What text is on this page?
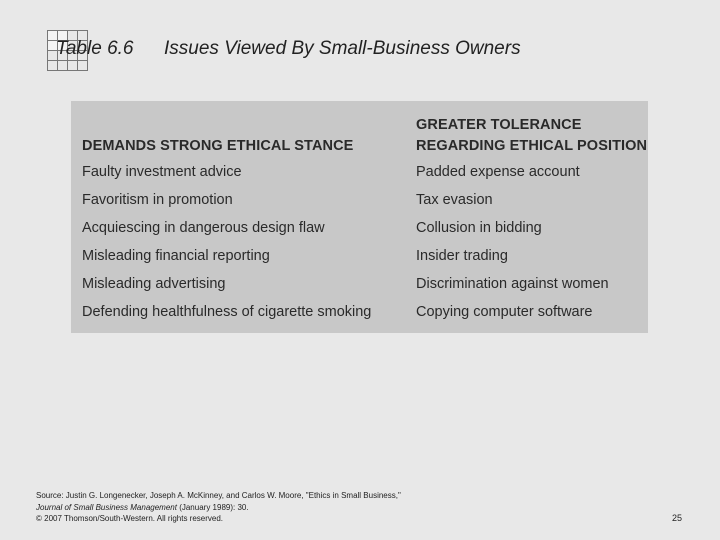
Table 6.6 Issues Viewed By Small-Business Owners
DEMANDS STRONG ETHICAL STANCE
Faulty investment advice
Favoritism in promotion
Acquiescing in dangerous design flaw
Misleading financial reporting
Misleading advertising
Defending healthfulness of cigarette smoking
GREATER TOLERANCE
REGARDING ETHICAL POSITION
Padded expense account
Tax evasion
Collusion in bidding
Insider trading
Discrimination against women
Copying computer software
Source: Justin G. Longenecker, Joseph A. McKinney, and Carlos W. Moore, "Ethics in Small Business," Journal of Small Business Management (January 1989): 30.
© 2007 Thomson/South-Western. All rights reserved.	25
